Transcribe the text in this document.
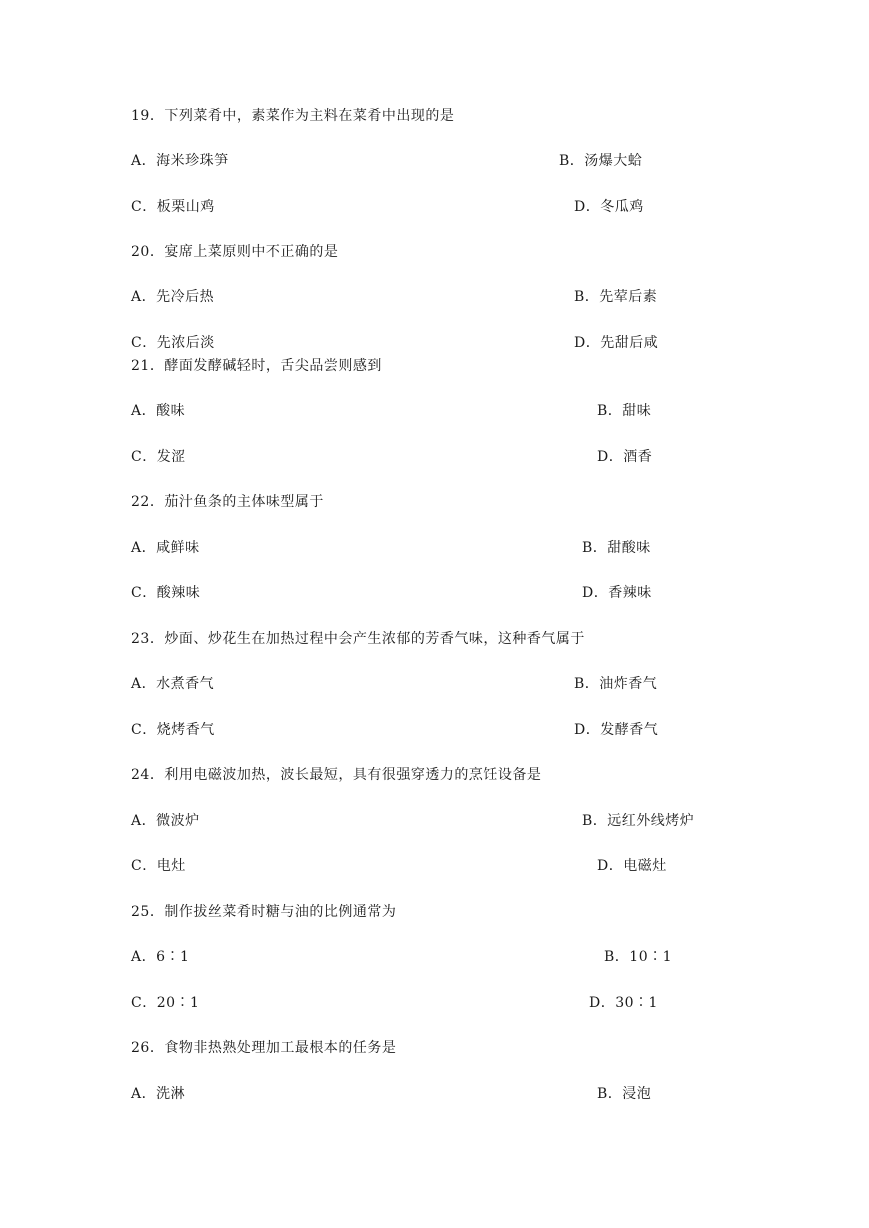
19．下列菜肴中，素菜作为主料在菜肴中出现的是
A．海米珍珠笋	B．汤爆大蛤
C．板栗山鸡	D．冬瓜鸡
20．宴席上菜原则中不正确的是
A．先冷后热	B．先荤后素
C．先浓后淡	D．先甜后咸
21．酵面发酵碱轻时，舌尖品尝则感到
A．酸味	B．甜味
C．发涩	D．酒香
22．茄汁鱼条的主体味型属于
A．咸鲜味	B．甜酸味
C．酸辣味	D．香辣味
23．炒面、炒花生在加热过程中会产生浓郁的芳香气味，这种香气属于
A．水煮香气	B．油炸香气
C．烧烤香气	D．发酵香气
24．利用电磁波加热，波长最短，具有很强穿透力的烹饪设备是
A．微波炉	B．远红外线烤炉
C．电灶	D．电磁灶
25．制作拔丝菜肴时糖与油的比例通常为
A．6∶1	B．10∶1
C．20∶1	D．30∶1
26．食物非热熟处理加工最根本的任务是
A．洗淋	B．浸泡
